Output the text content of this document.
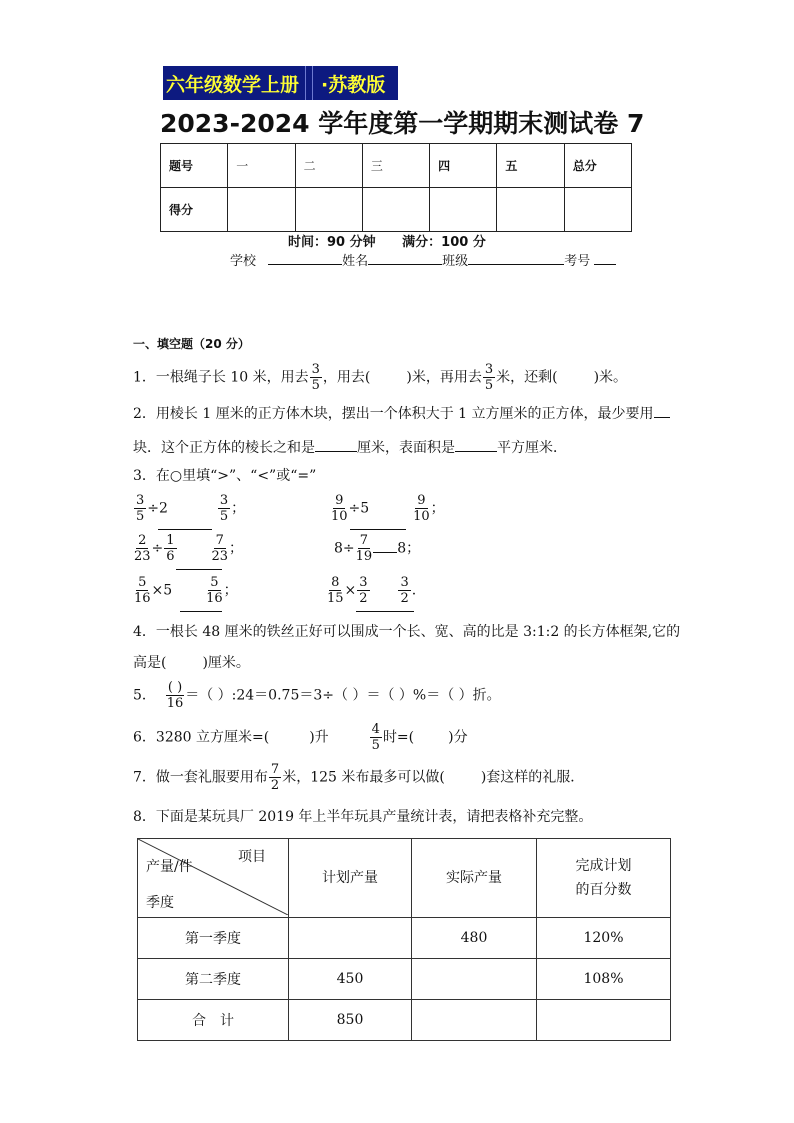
六年级数学上册	·苏教版
2023-2024 学年度第一学期期末测试卷 7
题号	一	二	三	四	五	总分
得分						
时间：90 分钟 满分：100 分
学校	姓名	班级	考号
一、填空题（20 分）
1．一根绳子长 10 米，用去 $\frac{3}{5}$ ，用去(	)米，再用去 $\frac{3}{5}$ 米，还剩(	)米。
2．用棱长 1 厘米的正方体木块，摆出一个体积大于 1 立方厘米的正方体，最少要用
块．这个正方体的棱长之和是	厘米，表面积是	平方厘米．
3．在○里填“>”、“<”或“=”
$\frac{3}{5} \div 2$	$\frac{3}{5}$ ；	$\frac{9}{10} \div 5$	$\frac{9}{10}$ ；
$\frac{2}{23} \div \frac{1}{6}$
	$\frac{7}{23}$ ；	$8\div \frac{7}{19} 8$；
$\frac{5}{16} \times 5$	$\frac{5}{16}$ ；	$\frac{8}{15} \times \frac{3}{2}$
$\frac{3}{2}$ .
4．一根长 48 厘米的铁丝正好可以围成一个长、宽、高的比是 3:1:2 的长方体框架,它的
高是(	)厘米。
5． $\frac{( )}{16}$ ＝（ ）:24＝0.75＝3÷（ ）＝（ ）%＝（ ）折。
6．3280 立方厘米=(	)升	$\frac{4}{5}$ 时=( )分
7．做一套礼服要用布 $\frac{7}{2}$ 米，125 米布最多可以做(	)套这样的礼服．
8．下面是某玩具厂 2019 年上半年玩具产量统计表，请把表格补充完整。
项目
产量/件
季度	计划产量	实际产量	完成计划
的百分数
第一季度		480	120%
第二季度	450		108%
合　计	850		
